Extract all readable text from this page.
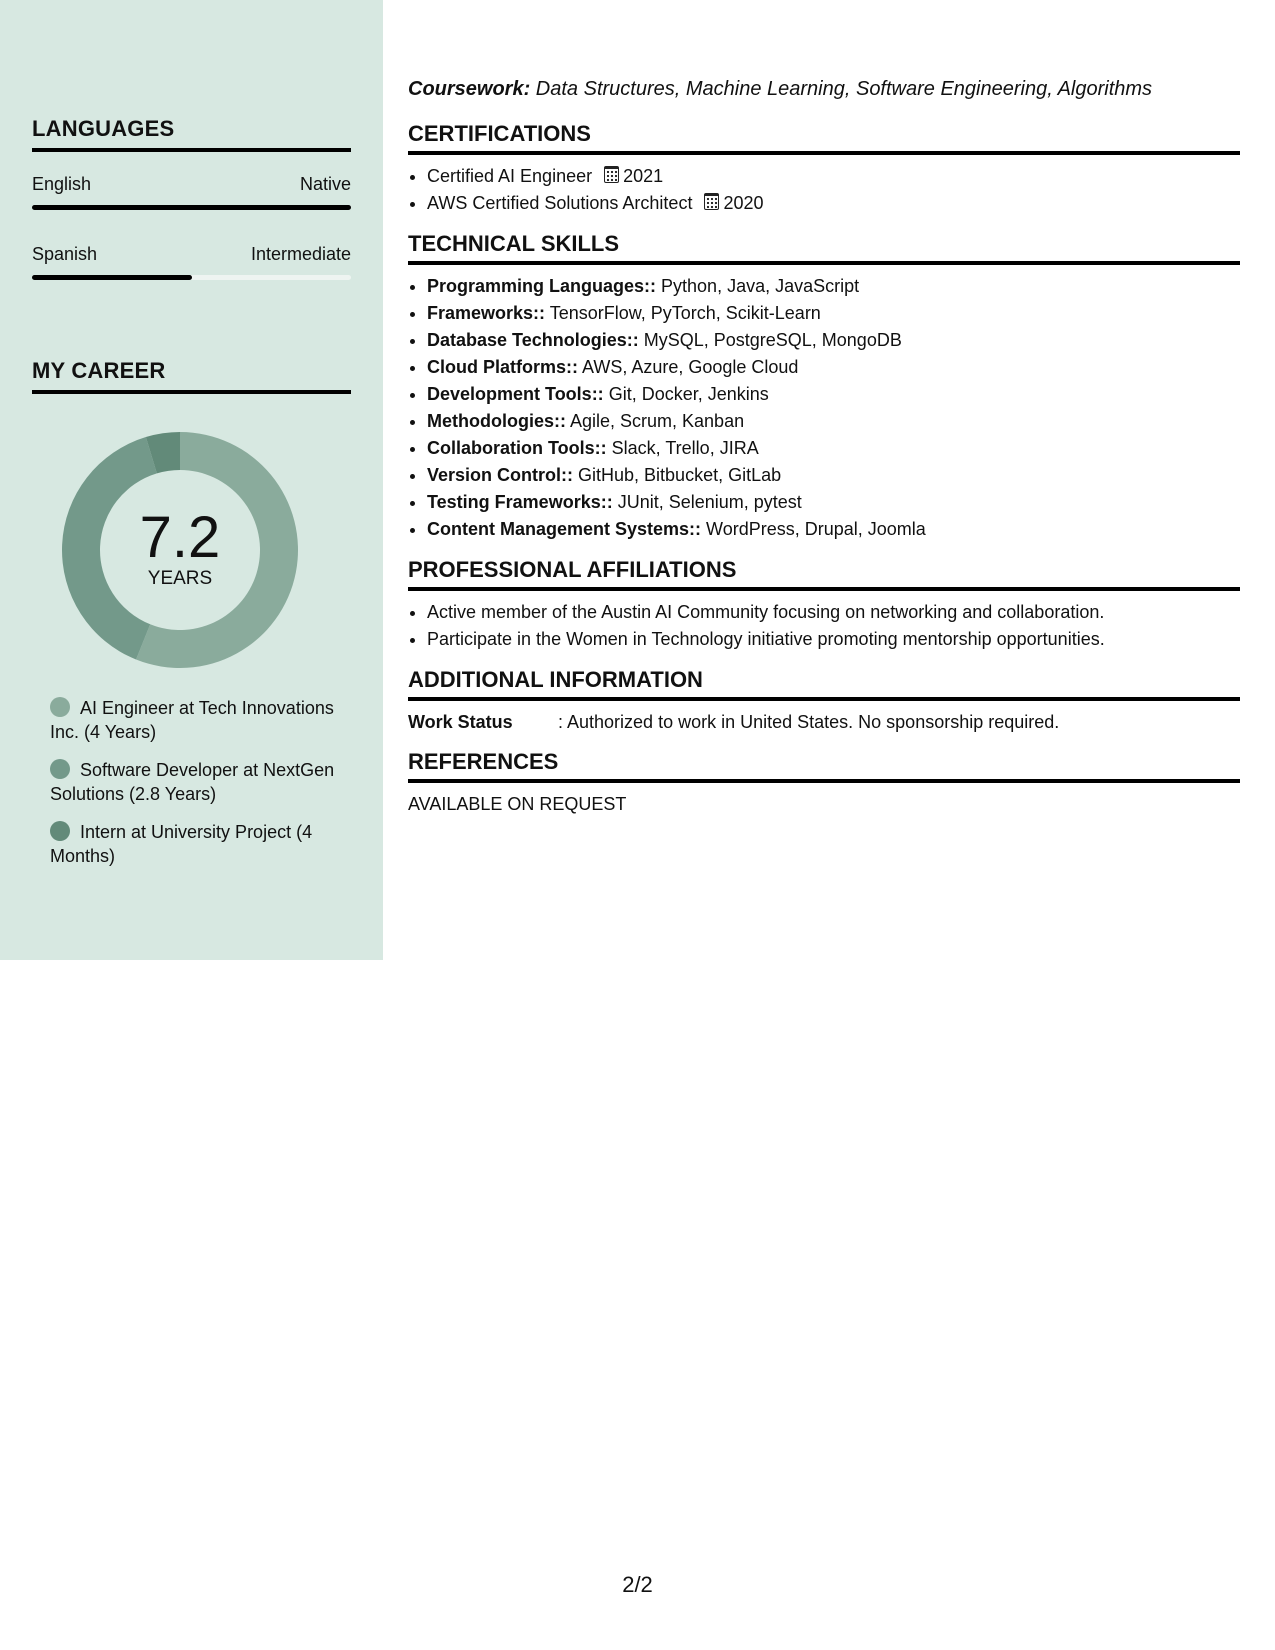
LANGUAGES
English	Native
Spanish	Intermediate
MY CAREER
7.2
YEARS
AI Engineer at Tech Innovations Inc. (4 Years)
Software Developer at NextGen Solutions (2.8 Years)
Intern at University Project (4 Months)
Coursework: Data Structures, Machine Learning, Software Engineering, Algorithms
CERTIFICATIONS
• Certified AI Engineer 2021
• AWS Certified Solutions Architect 2020
TECHNICAL SKILLS
• Programming Languages:: Python, Java, JavaScript
• Frameworks:: TensorFlow, PyTorch, Scikit-Learn
• Database Technologies:: MySQL, PostgreSQL, MongoDB
• Cloud Platforms:: AWS, Azure, Google Cloud
• Development Tools:: Git, Docker, Jenkins
• Methodologies:: Agile, Scrum, Kanban
• Collaboration Tools:: Slack, Trello, JIRA
• Version Control:: GitHub, Bitbucket, GitLab
• Testing Frameworks:: JUnit, Selenium, pytest
• Content Management Systems:: WordPress, Drupal, Joomla
PROFESSIONAL AFFILIATIONS
• Active member of the Austin AI Community focusing on networking and collaboration.
• Participate in the Women in Technology initiative promoting mentorship opportunities.
ADDITIONAL INFORMATION
Work Status	: Authorized to work in United States. No sponsorship required.
REFERENCES
AVAILABLE ON REQUEST
2/2
